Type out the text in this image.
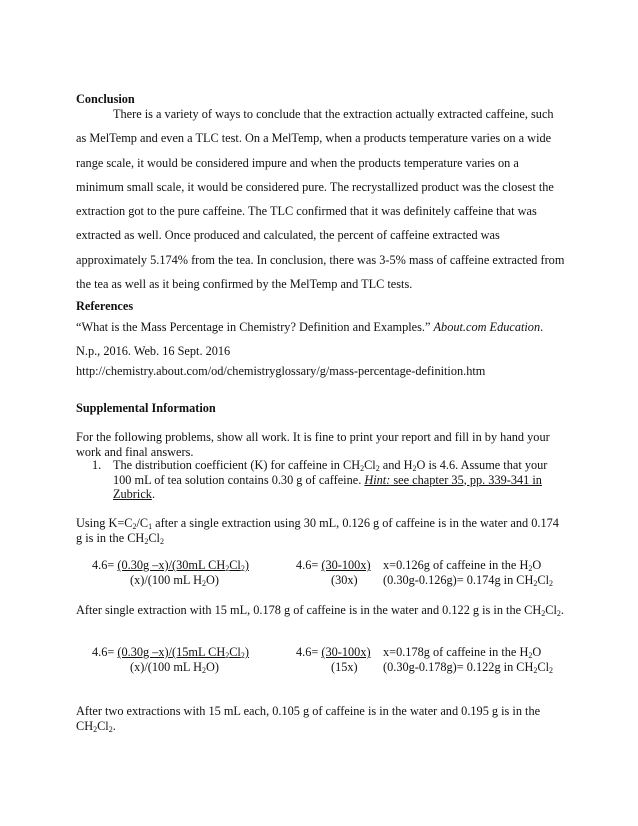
Conclusion
There is a variety of ways to conclude that the extraction actually extracted caffeine, such as MelTemp and even a TLC test. On a MelTemp, when a products temperature varies on a wide range scale, it would be considered impure and when the products temperature varies on a minimum small scale, it would be considered pure. The recrystallized product was the closest the extraction got to the pure caffeine. The TLC confirmed that it was definitely caffeine that was extracted as well. Once produced and calculated, the percent of caffeine extracted was approximately 5.174% from the tea. In conclusion, there was 3-5% mass of caffeine extracted from the tea as well as it being confirmed by the MelTemp and TLC tests.
References
“What is the Mass Percentage in Chemistry? Definition and Examples.” About.com Education. N.p., 2016. Web. 16 Sept. 2016
http://chemistry.about.com/od/chemistryglossary/g/mass-percentage-definition.htm
Supplemental Information
For the following problems, show all work. It is fine to print your report and fill in by hand your work and final answers.
1. The distribution coefficient (K) for caffeine in $CH_2Cl_2$ and $H_2O$ is 4.6. Assume that your 100 mL of tea solution contains 0.30 g of caffeine. Hint: see chapter 35, pp. 339-341 in Zubrick.
Using $K=C_2/C_1$ after a single extraction using 30 mL, 0.126 g of caffeine is in the water and 0.174 g is in the $CH_2Cl_2$
4.6= (0.30g –x)/(30mL $CH_2Cl_2$)
(x)/(100 mL $H_2O$)
4.6= (30-100x)
(30x)
x=0.126g of caffeine in the $H_2O$
(0.30g-0.126g)= 0.174g in $CH_2Cl_2$
After single extraction with 15 mL, 0.178 g of caffeine is in the water and 0.122 g is in the $CH_2Cl_2$.
4.6= (0.30g –x)/(15mL $CH_2Cl_2$)
(x)/(100 mL $H_2O$)
4.6= (30-100x)
(15x)
x=0.178g of caffeine in the $H_2O$
(0.30g-0.178g)= 0.122g in $CH_2Cl_2$
After two extractions with 15 mL each, 0.105 g of caffeine is in the water and 0.195 g is in the $CH_2Cl_2$.
